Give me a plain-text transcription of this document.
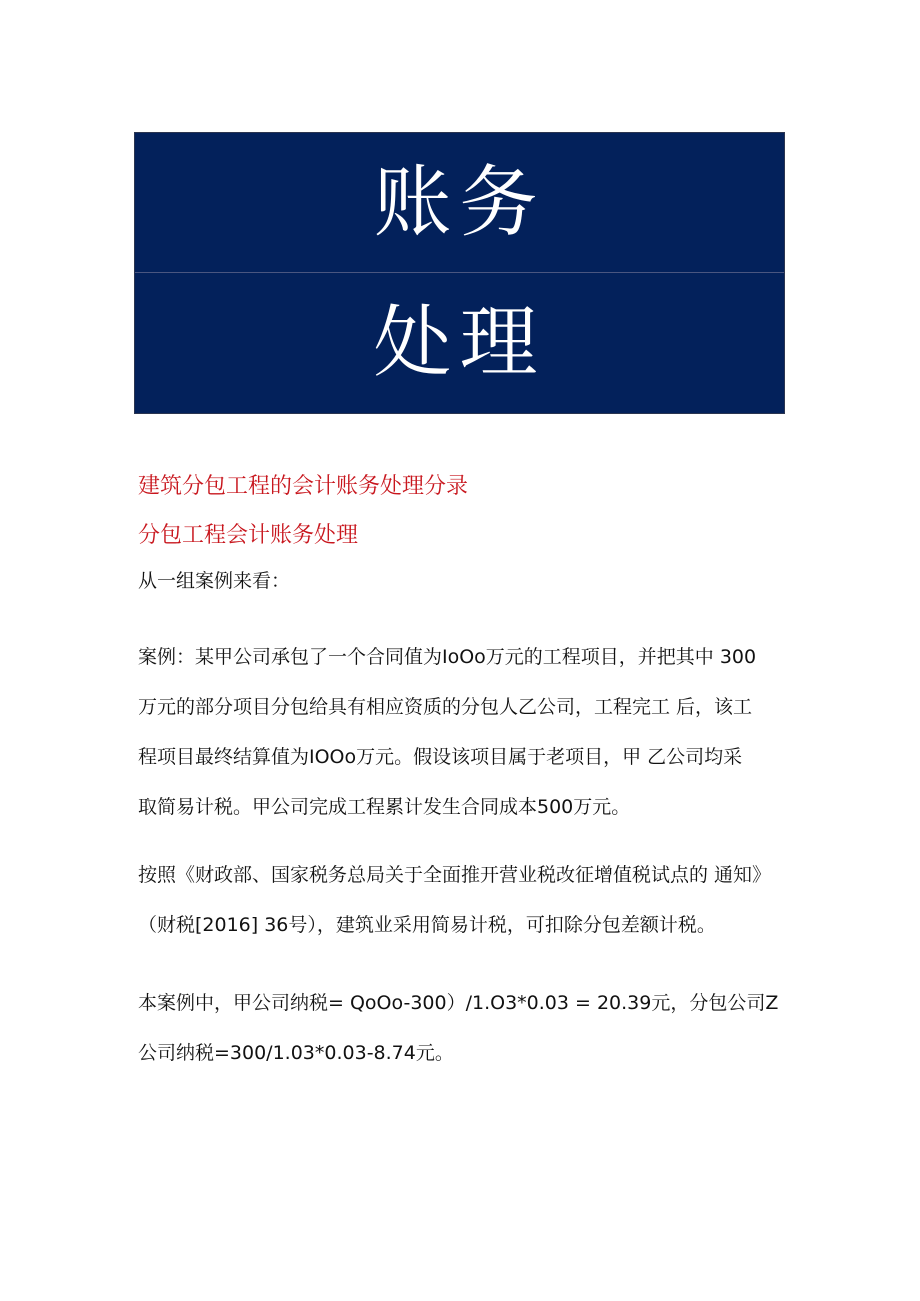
账务
处理
建筑分包工程的会计账务处理分录
分包工程会计账务处理
从一组案例来看：
案例：某甲公司承包了一个合同值为IoOo万元的工程项目，并把其中 300
万元的部分项目分包给具有相应资质的分包人乙公司，工程完工 后，该工
程项目最终结算值为IOOo万元。假设该项目属于老项目，甲 乙公司均采
取简易计税。甲公司完成工程累计发生合同成本500万元。
按照《财政部、国家税务总局关于全面推开营业税改征增值税试点的 通知》
（财税[2016] 36号），建筑业采用简易计税，可扣除分包差额计税。
本案例中，甲公司纳税= QoOo-300）/1.O3*0.03 = 20.39元，分包公司Z
公司纳税=300/1.03*0.03-8.74元。
